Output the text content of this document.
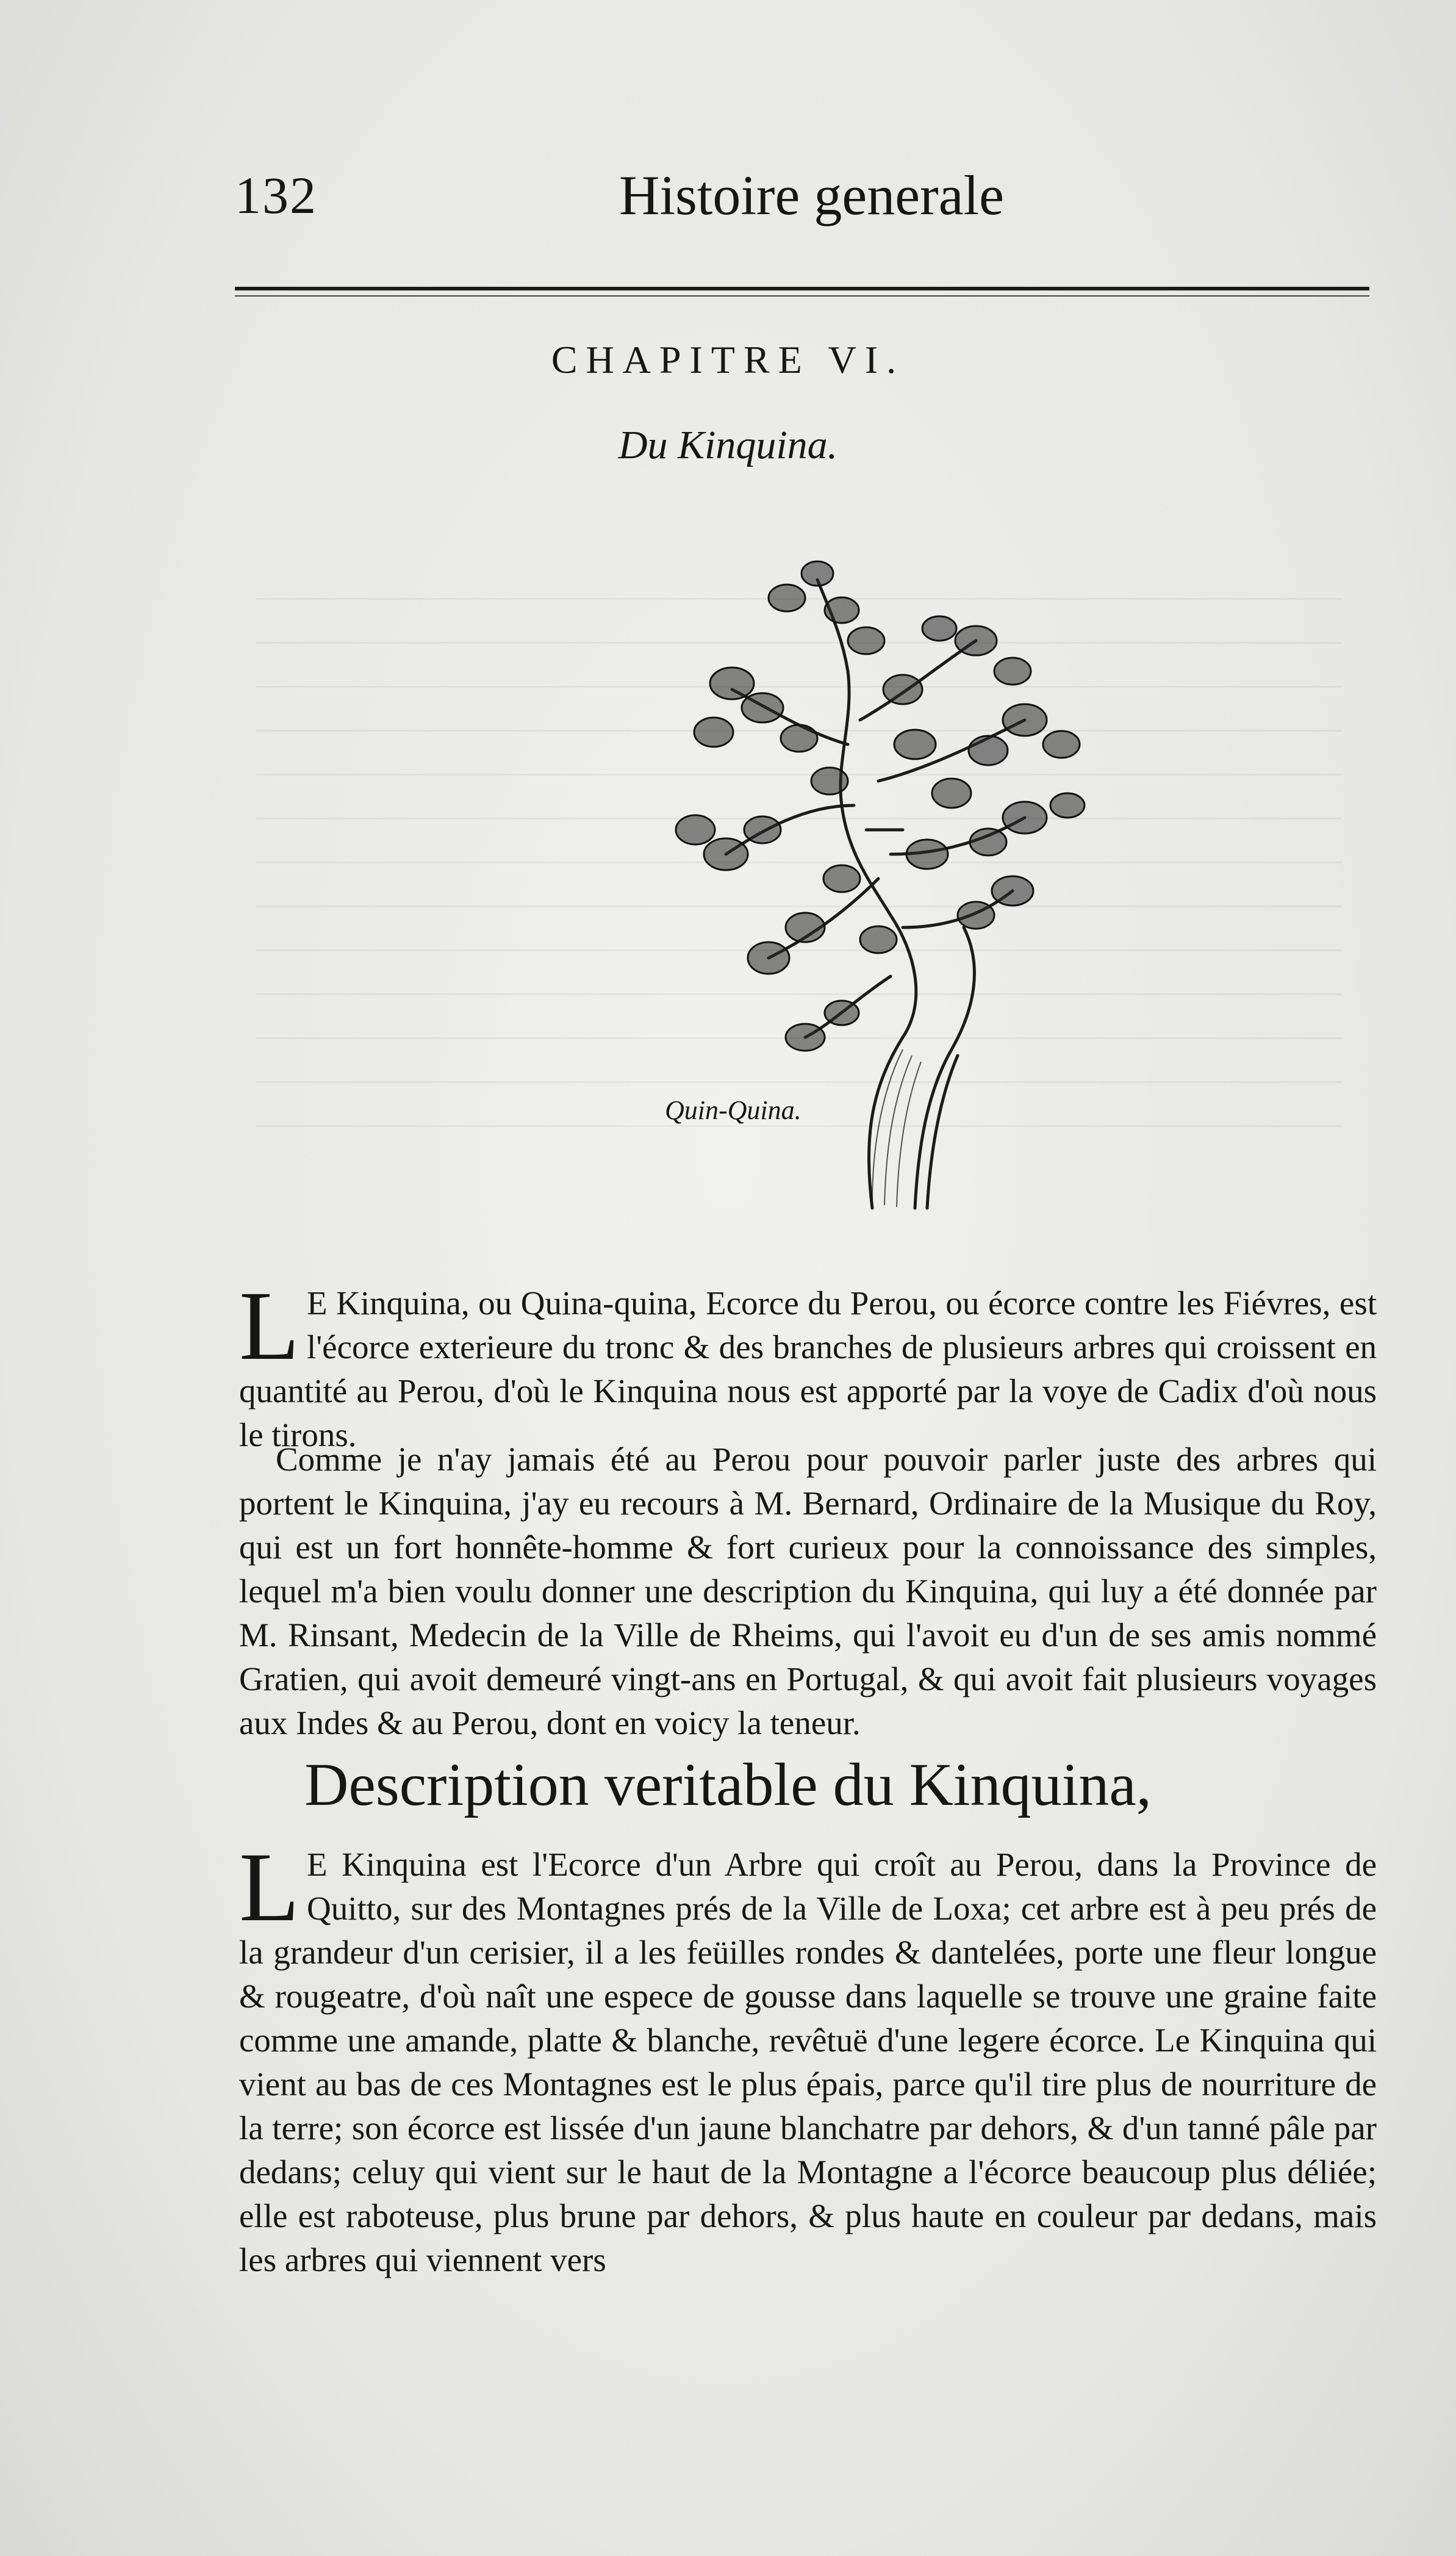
132	Histoire generale
CHAPITRE VI.
Du Kinquina.
Quin-Quina.

L E Kinquina, ou Quina-quina, Ecorce du Perou, ou écorce contre les Fiévres, est l'écorce exterieure du tronc & des branches de plusieurs arbres qui croissent en quantité au Perou, d'où le Kinquina nous est apporté par la voye de Cadix d'où nous le tirons.

Comme je n'ay jamais été au Perou pour pouvoir parler juste des arbres qui portent le Kinquina, j'ay eu recours à M. Bernard, Ordinaire de la Musique du Roy, qui est un fort honnête-homme & fort curieux pour la connoissance des simples, lequel m'a bien voulu donner une description du Kinquina, qui luy a été donnée par M. Rinsant, Medecin de la Ville de Rheims, qui l'avoit eu d'un de ses amis nommé Gratien, qui avoit demeuré vingt-ans en Portugal, & qui avoit fait plusieurs voyages aux Indes & au Perou, dont en voicy la teneur.

Description veritable du Kinquina,

L E Kinquina est l'Ecorce d'un Arbre qui croît au Perou, dans la Province de Quitto, sur des Montagnes prés de la Ville de Loxa; cet arbre est à peu prés de la grandeur d'un cerisier, il a les feüilles rondes & dantelées, porte une fleur longue & rougeatre, d'où naît une espece de gousse dans laquelle se trouve une graine faite comme une amande, platte & blanche, revêtuë d'une legere écorce. Le Kinquina qui vient au bas de ces Montagnes est le plus épais, parce qu'il tire plus de nourriture de la terre; son écorce est lissée d'un jaune blanchatre par dehors, & d'un tanné pâle par dedans; celuy qui vient sur le haut de la Montagne a l'écorce beaucoup plus déliée; elle est raboteuse, plus brune par dehors, & plus haute en couleur par dedans, mais les arbres qui viennent vers
